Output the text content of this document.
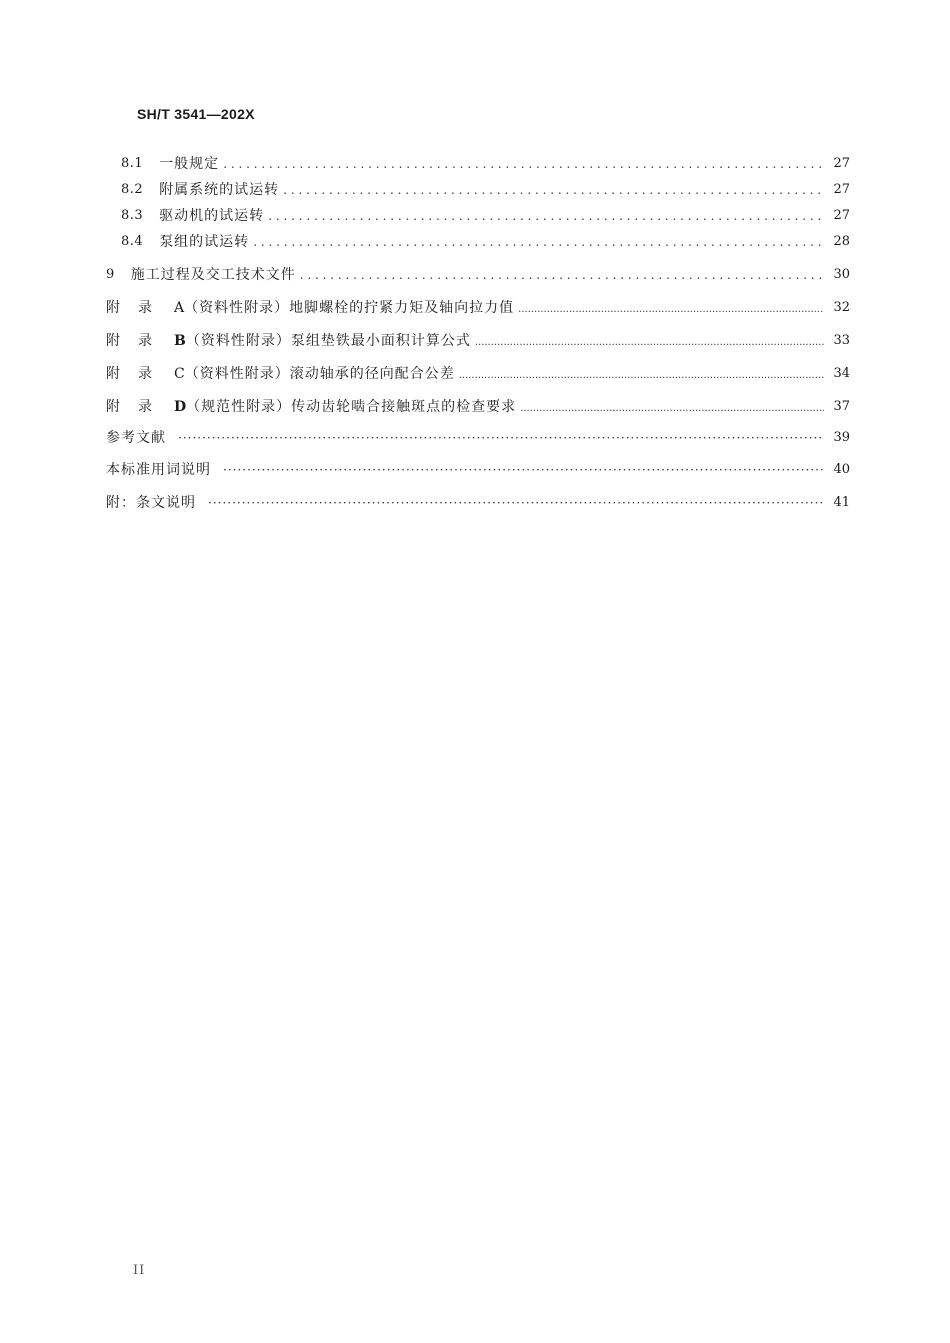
SH/T 3541—202X
8.1 一般规定 . . .	27
8.2 附属系统的试运转 . . .	27
8.3 驱动机的试运转 . . .	27
8.4 泵组的试运转 . . .	28
9 施工过程及交工技术文件 . . .	30
附录 A （资料性附录）地脚螺栓的拧紧力矩及轴向拉力值 .....	32
附录 B （资料性附录）泵组垫铁最小面积计算公式 .....	33
附录 C （资料性附录）滚动轴承的径向配合公差 .....	34
附录 D （规范性附录）传动齿轮啮合接触斑点的检查要求 .....	37
参考文献 ·····	39
本标准用词说明 ·····	40
附：条文说明 ·····	41
II
